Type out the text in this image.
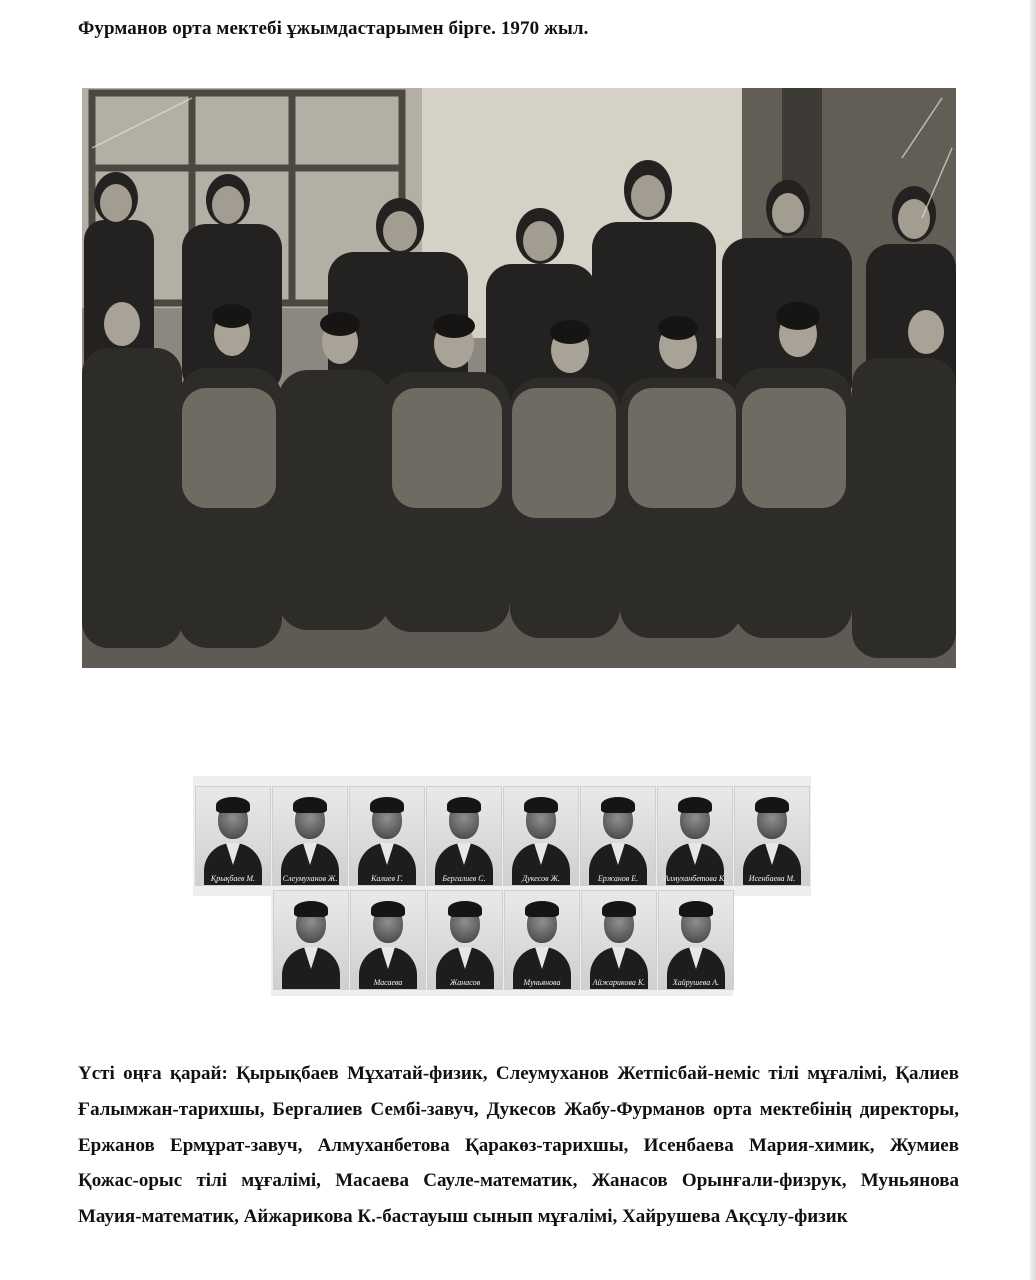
Фурманов орта мектебі ұжымдастарымен бірге. 1970 жыл.
Қрықбаев М.	Слеумуханов Ж.	Калиев Г.	Бергалиев С.	Дукесов Ж.	Ержанов Е.	Алмуханбетова К.	Исенбаева М.
Масаева	Жанасов	Муньянова	Айжарикова К.	Хайрушева А.
Үсті оңға қарай: Қырықбаев Мұхатай-физик, Слеумуханов Жетпісбай-неміс тілі мұғалімі, Қалиев Ғалымжан-тарихшы, Бергалиев Сембі-завуч, Дукесов Жабу-Фурманов орта мектебінің директоры, Ержанов Ермұрат-завуч, Алмуханбетова Қаракөз-тарихшы, Исенбаева Мария-химик, Жумиев Қожас-орыс тілі мұғалімі, Масаева Сауле-математик, Жанасов Орынғали-физрук, Муньянова Мауия-математик, Айжарикова К.-бастауыш сынып мұғалімі, Хайрушева Ақсұлу-физик
